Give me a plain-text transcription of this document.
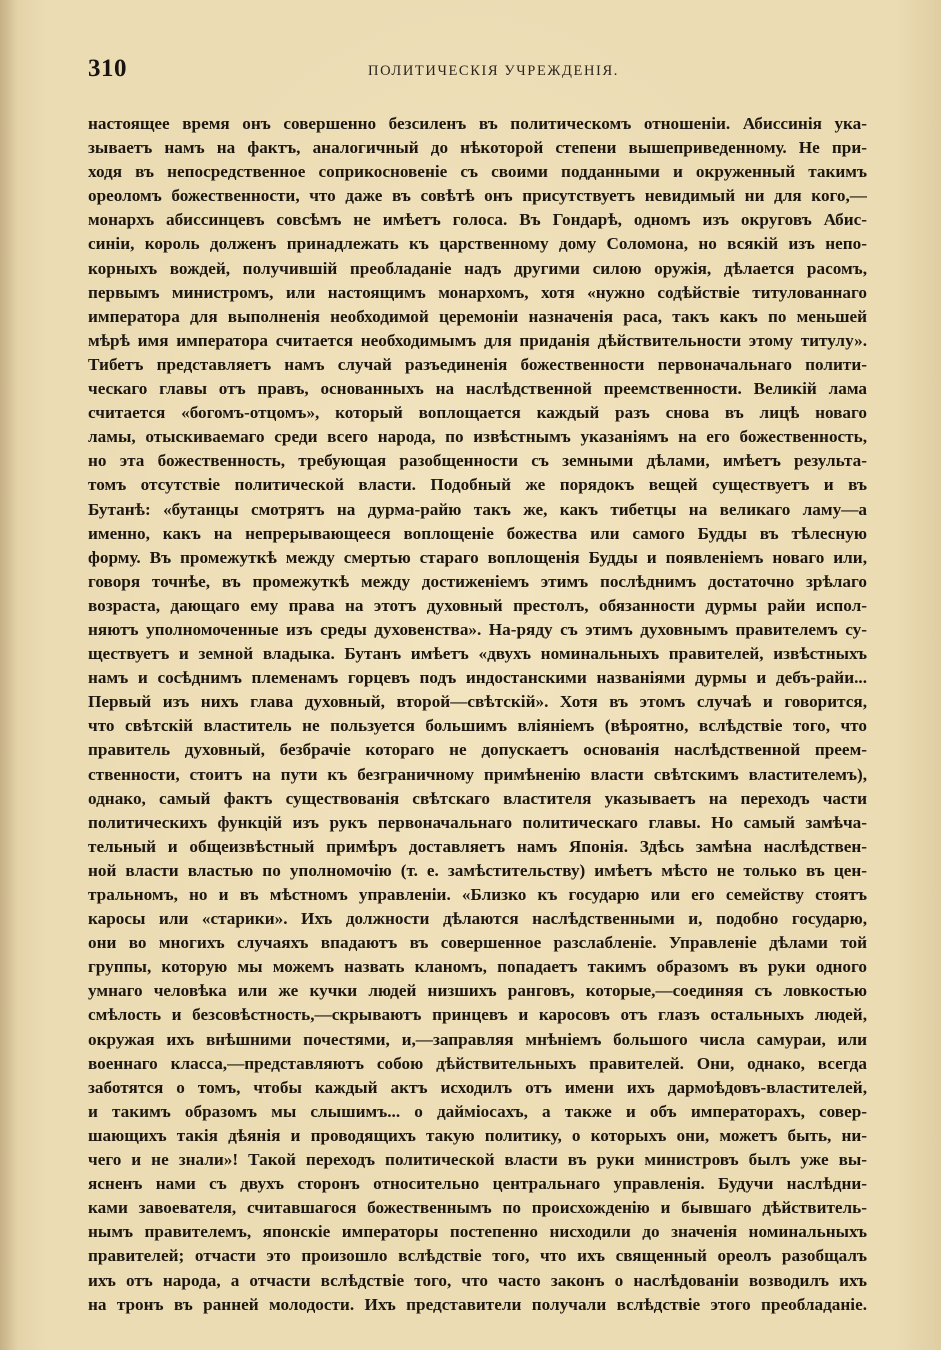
310	ПОЛИТИЧЕСКІЯ УЧРЕЖДЕНІЯ.
настоящее время онъ совершенно безсиленъ въ политическомъ отношеніи. Абиссинія ука-
зываетъ намъ на фактъ, аналогичный до нѣкоторой степени вышеприведенному. Не при-
ходя въ непосредственное соприкосновеніе съ своими подданными и окруженный такимъ
ореоломъ божественности, что даже въ совѣтѣ онъ присутствуетъ невидимый ни для кого,—
монархъ абиссинцевъ совсѣмъ не имѣетъ голоса. Въ Гондарѣ, одномъ изъ округовъ Абис-
синіи, король долженъ принадлежать къ царственному дому Соломона, но всякій изъ непо-
корныхъ вождей, получившій преобладаніе надъ другими силою оружія, дѣлается расомъ,
первымъ министромъ, или настоящимъ монархомъ, хотя «нужно содѣйствіе титулованнаго
императора для выполненія необходимой церемоніи назначенія раса, такъ какъ по меньшей
мѣрѣ имя императора считается необходимымъ для приданія дѣйствительности этому титулу».
Тибетъ представляетъ намъ случай разъединенія божественности первоначальнаго полити-
ческаго главы отъ правъ, основанныхъ на наслѣдственной преемственности. Великій лама
считается «богомъ-отцомъ», который воплощается каждый разъ снова въ лицѣ новаго
ламы, отыскиваемаго среди всего народа, по извѣстнымъ указаніямъ на его божественность,
но эта божественность, требующая разобщенности съ земными дѣлами, имѣетъ результа-
томъ отсутствіе политической власти. Подобный же порядокъ вещей существуетъ и въ
Бутанѣ: «бутанцы смотрятъ на дурма-райю такъ же, какъ тибетцы на великаго ламу—а
именно, какъ на непрерывающееся воплощеніе божества или самого Будды въ тѣлесную
форму. Въ промежуткѣ между смертью стараго воплощенія Будды и появленіемъ новаго или,
говоря точнѣе, въ промежуткѣ между достиженіемъ этимъ послѣднимъ достаточно зрѣлаго
возраста, дающаго ему права на этотъ духовный престолъ, обязанности дурмы райи испол-
няютъ уполномоченные изъ среды духовенства». На-ряду съ этимъ духовнымъ правителемъ су-
ществуетъ и земной владыка. Бутанъ имѣетъ «двухъ номинальныхъ правителей, извѣстныхъ
намъ и сосѣднимъ племенамъ горцевъ подъ индостанскими названіями дурмы и дебъ-райи...
Первый изъ нихъ глава духовный, второй—свѣтскій». Хотя въ этомъ случаѣ и говорится,
что свѣтскій властитель не пользуется большимъ вліяніемъ (вѣроятно, вслѣдствіе того, что
правитель духовный, безбрачіе котораго не допускаетъ основанія наслѣдственной преем-
ственности, стоитъ на пути къ безграничному примѣненію власти свѣтскимъ властителемъ),
однако, самый фактъ существованія свѣтскаго властителя указываетъ на переходъ части
политическихъ функцій изъ рукъ первоначальнаго политическаго главы. Но самый замѣча-
тельный и общеизвѣстный примѣръ доставляетъ намъ Японія. Здѣсь замѣна наслѣдствен-
ной власти властью по уполномочію (т. е. замѣстительству) имѣетъ мѣсто не только въ цен-
тральномъ, но и въ мѣстномъ управленіи. «Близко къ государю или его семейству стоятъ
каросы или «старики». Ихъ должности дѣлаются наслѣдственными и, подобно государю,
они во многихъ случаяхъ впадаютъ въ совершенное разслабленіе. Управленіе дѣлами той
группы, которую мы можемъ назвать кланомъ, попадаетъ такимъ образомъ въ руки одного
умнаго человѣка или же кучки людей низшихъ ранговъ, которые,—соединяя съ ловкостью
смѣлость и безсовѣстность,—скрываютъ принцевъ и каросовъ отъ глазъ остальныхъ людей,
окружая ихъ внѣшними почестями, и,—заправляя мнѣніемъ большого числа самураи, или
военнаго класса,—представляютъ собою дѣйствительныхъ правителей. Они, однако, всегда
заботятся о томъ, чтобы каждый актъ исходилъ отъ имени ихъ дармоѣдовъ-властителей,
и такимъ образомъ мы слышимъ... о даймiосахъ, а также и объ императорахъ, совер-
шающихъ такія дѣянія и проводящихъ такую политику, о которыхъ они, можетъ быть, ни-
чего и не знали»! Такой переходъ политической власти въ руки министровъ былъ уже вы-
ясненъ нами съ двухъ сторонъ относительно центральнаго управленія. Будучи наслѣдни-
ками завоевателя, считавшагося божественнымъ по происхожденію и бывшаго дѣйствитель-
нымъ правителемъ, японскіе императоры постепенно нисходили до значенія номинальныхъ
правителей; отчасти это произошло вслѣдствіе того, что ихъ священный ореолъ разобщалъ
ихъ отъ народа, а отчасти вслѣдствіе того, что часто законъ о наслѣдованіи возводилъ ихъ
на тронъ въ ранней молодости. Ихъ представители получали вслѣдствіе этого преобладаніе.
